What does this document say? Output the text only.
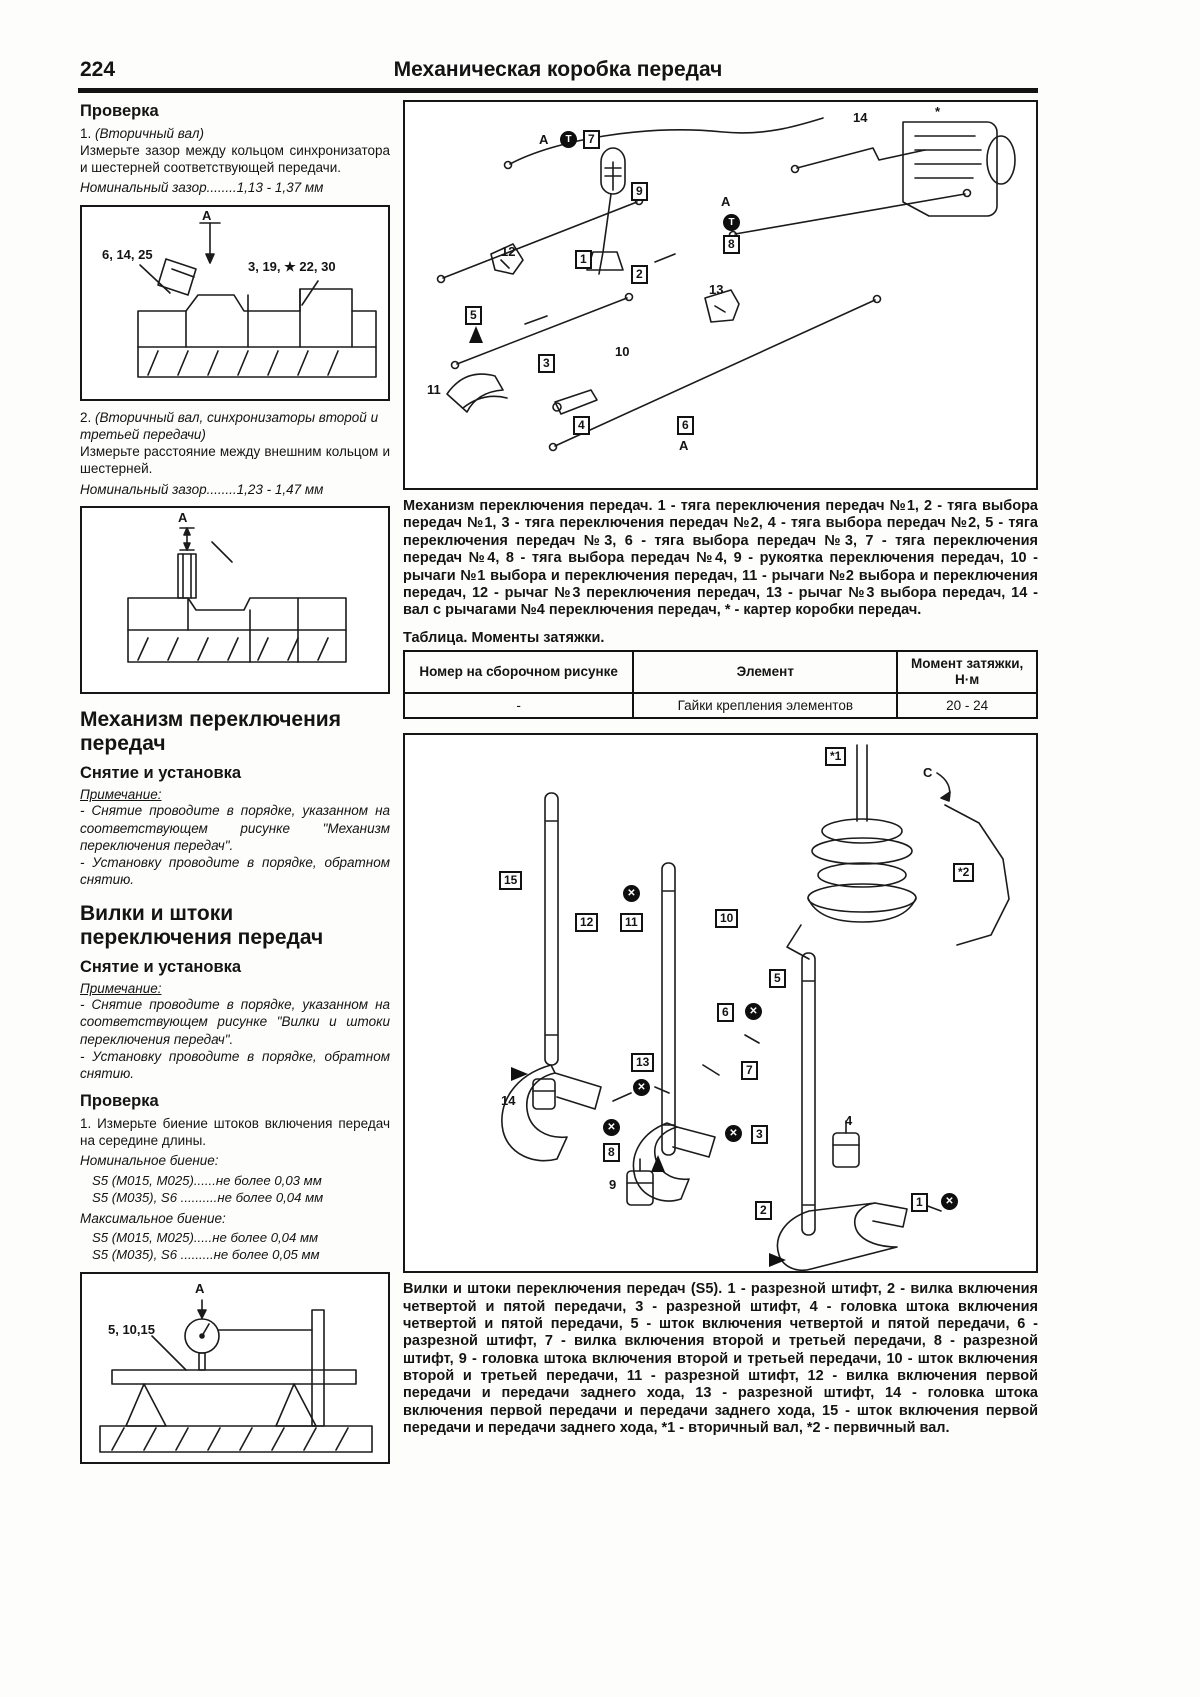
224	Механическая коробка передач
Проверка
1. (Вторичный вал)

Измерьте зазор между кольцом синхронизатора и шестерней соответствующей передачи.

Номинальный зазор........1,13 - 1,37 мм
A
6, 14, 25
3, 19, ★ 22, 30
2. (Вторичный вал, синхронизаторы второй и третьей передачи)

Измерьте расстояние между внешним кольцом и шестерней.

Номинальный зазор........1,23 - 1,47 мм
A
Механизм переключения передач
Снятие и установка
Примечание:

- Снятие проводите в порядке, указанном на соответствующем рисунке "Механизм переключения передач".

- Установку проводите в порядке, обратном снятию.

Вилки и штоки переключения передач
Снятие и установка
Примечание:

- Снятие проводите в порядке, указанном на соответствующем рисунке "Вилки и штоки переключения передач".

- Установку проводите в порядке, обратном снятию.

Проверка

1. Измерьте биение штоков включения передач на середине длины.

Номинальное биение:
S5 (М015, М025)......не более 0,03 мм
S5 (М035), S6 ..........не более 0,04 мм
Максимальное биение:
S5 (М015, М025).....не более 0,04 мм
S5 (М035), S6 .........не более 0,05 мм
A
5, 10,15
A	Т	7
14	*
9
A
Т
8
12	1
2
13
5
3
10
11
4	6
A

Механизм переключения передач. 1 - тяга переключения передач №1, 2 - тяга выбора передач №1, 3 - тяга переключения передач №2, 4 - тяга выбора передач №2, 5 - тяга переключения передач №3, 6 - тяга выбора передач №3, 7 - тяга переключения передач №4, 8 - тяга выбора передач №4, 9 - рукоятка переключения передач, 10 - рычаги №1 выбора и переключения передач, 11 - рычаги №2 выбора и переключения передач, 12 - рычаг №3 переключения передач, 13 - рычаг №3 выбора передач, 14 - вал с рычагами №4 переключения передач, * - картер коробки передач.

Таблица. Моменты затяжки.
Номер на сборочном рисунке	Элемент	Момент затяжки, Н·м
-	Гайки крепления элементов	20 - 24
*1
С
*2
15
✕
12	11	10
5
6	✕
13
✕
7
14
✕	3
✕
8
4
9
1	✕
2

Вилки и штоки переключения передач (S5). 1 - разрезной штифт, 2 - вилка включения четвертой и пятой передачи, 3 - разрезной штифт, 4 - головка штока включения четвертой и пятой передачи, 5 - шток включения четвертой и пятой передачи, 6 - разрезной штифт, 7 - вилка включения второй и третьей передачи, 8 - разрезной штифт, 9 - головка штока включения второй и третьей передачи, 10 - шток включения второй и третьей передачи, 11 - разрезной штифт, 12 - вилка включения первой передачи и передачи заднего хода, 13 - разрезной штифт, 14 - головка штока включения первой передачи и передачи заднего хода, 15 - шток включения первой передачи и передачи заднего хода, *1 - вторичный вал, *2 - первичный вал.
